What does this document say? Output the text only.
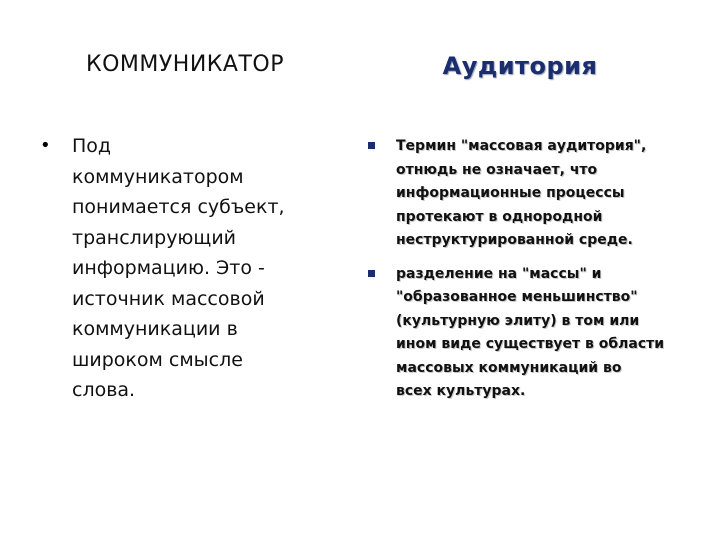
КОММУНИКАТОР	Аудитория
• Под
коммуникатором
понимается субъект,
транслирующий
информацию. Это -
источник массовой
коммуникации в
широком смысле
слова.
Термин "массовая аудитория",
отнюдь не означает, что
информационные процессы
протекают в однородной
неструктурированной среде.
разделение на "массы" и
"образованное меньшинство"
(культурную элиту) в том или
ином виде существует в области
массовых коммуникаций во
всех культурах.
